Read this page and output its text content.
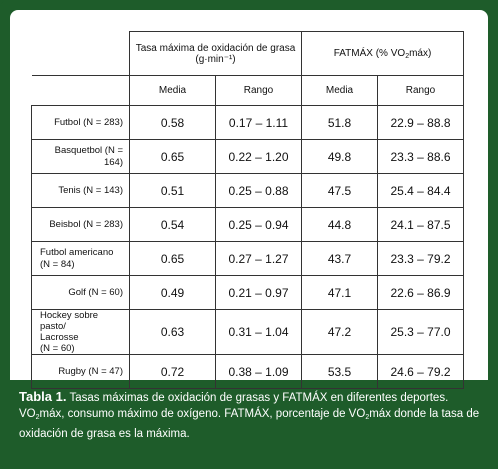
	Tasa máxima de oxidación de grasa (g·min⁻¹)		FATMÁX (% $VO_2máx$)	
	Media	Rango	Media	Rango
Futbol (N = 283)	0.58	0.17 – 1.11	51.8	22.9 – 88.8
Basquetbol (N = 164)	0.65	0.22 – 1.20	49.8	23.3 – 88.6
Tenis (N = 143)	0.51	0.25 – 0.88	47.5	25.4 – 84.4
Beisbol (N = 283)	0.54	0.25 – 0.94	44.8	24.1 – 87.5
Futbol americano
(N = 84)	0.65	0.27 – 1.27	43.7	23.3 – 79.2
Golf (N = 60)	0.49	0.21 – 0.97	47.1	22.6 – 86.9
Hockey sobre pasto/
Lacrosse
(N = 60)	0.63	0.31 – 1.04	47.2	25.3 – 77.0
Rugby (N = 47)	0.72	0.38 – 1.09	53.5	24.6 – 79.2
Tabla 1. Tasas máximas de oxidación de grasas y FATMÁX en diferentes deportes. $VO_2máx$, consumo máximo de oxígeno. FATMÁX, porcentaje de $VO_2máx$ donde la tasa de oxidación de grasa es la máxima.
